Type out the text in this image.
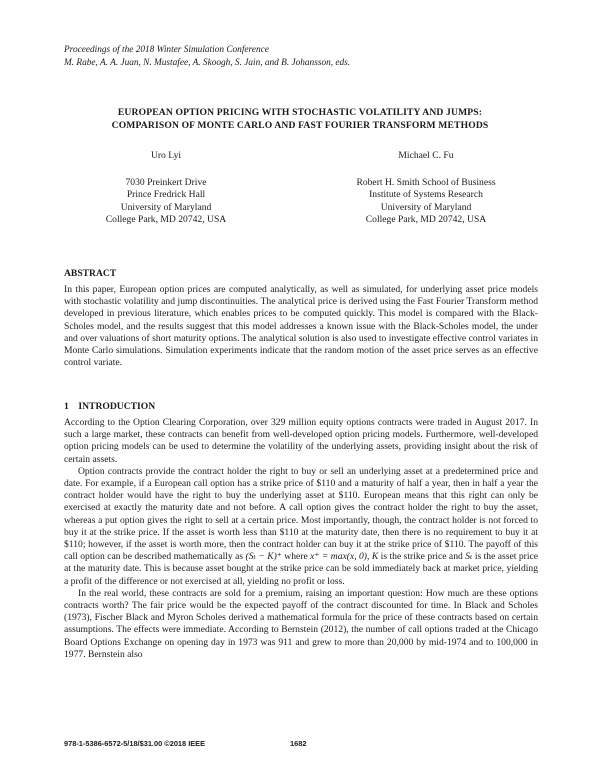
Proceedings of the 2018 Winter Simulation Conference
M. Rabe, A. A. Juan, N. Mustafee, A. Skoogh, S. Jain, and B. Johansson, eds.
EUROPEAN OPTION PRICING WITH STOCHASTIC VOLATILITY AND JUMPS:
COMPARISON OF MONTE CARLO AND FAST FOURIER TRANSFORM METHODS
Uro Lyi
7030 Preinkert Drive
Prince Fredrick Hall
University of Maryland
College Park, MD 20742, USA
Michael C. Fu
Robert H. Smith School of Business
Institute of Systems Research
University of Maryland
College Park, MD 20742, USA
ABSTRACT

In this paper, European option prices are computed analytically, as well as simulated, for underlying asset price models with stochastic volatility and jump discontinuities. The analytical price is derived using the Fast Fourier Transform method developed in previous literature, which enables prices to be computed quickly. This model is compared with the Black-Scholes model, and the results suggest that this model addresses a known issue with the Black-Scholes model, the under and over valuations of short maturity options. The analytical solution is also used to investigate effective control variates in Monte Carlo simulations. Simulation experiments indicate that the random motion of the asset price serves as an effective control variate.

1    INTRODUCTION

According to the Option Clearing Corporation, over 329 million equity options contracts were traded in August 2017. In such a large market, these contracts can benefit from well-developed option pricing models. Furthermore, well-developed option pricing models can be used to determine the volatility of the underlying assets, providing insight about the risk of certain assets.

Option contracts provide the contract holder the right to buy or sell an underlying asset at a predetermined price and date. For example, if a European call option has a strike price of $110 and a maturity of half a year, then in half a year the contract holder would have the right to buy the underlying asset at $110. European means that this right can only be exercised at exactly the maturity date and not before. A call option gives the contract holder the right to buy the asset, whereas a put option gives the right to sell at a certain price. Most importantly, though, the contract holder is not forced to buy it at the strike price. If the asset is worth less than $110 at the maturity date, then there is no requirement to buy it at $110; however, if the asset is worth more, then the contract holder can buy it at the strike price of $110. The payoff of this call option can be described mathematically as (Sₜ − K)⁺ where x⁺ = max(x, 0), K is the strike price and Sₜ is the asset price at the maturity date. This is because asset bought at the strike price can be sold immediately back at market price, yielding a profit of the difference or not exercised at all, yielding no profit or loss.

In the real world, these contracts are sold for a premium, raising an important question: How much are these options contracts worth? The fair price would be the expected payoff of the contract discounted for time. In Black and Scholes (1973), Fischer Black and Myron Scholes derived a mathematical formula for the price of these contracts based on certain assumptions. The effects were immediate. According to Bernstein (2012), the number of call options traded at the Chicago Board Options Exchange on opening day in 1973 was 911 and grew to more than 20,000 by mid-1974 and to 100,000 in 1977. Bernstein also

978-1-5386-6572-5/18/$31.00 ©2018 IEEE	1682
